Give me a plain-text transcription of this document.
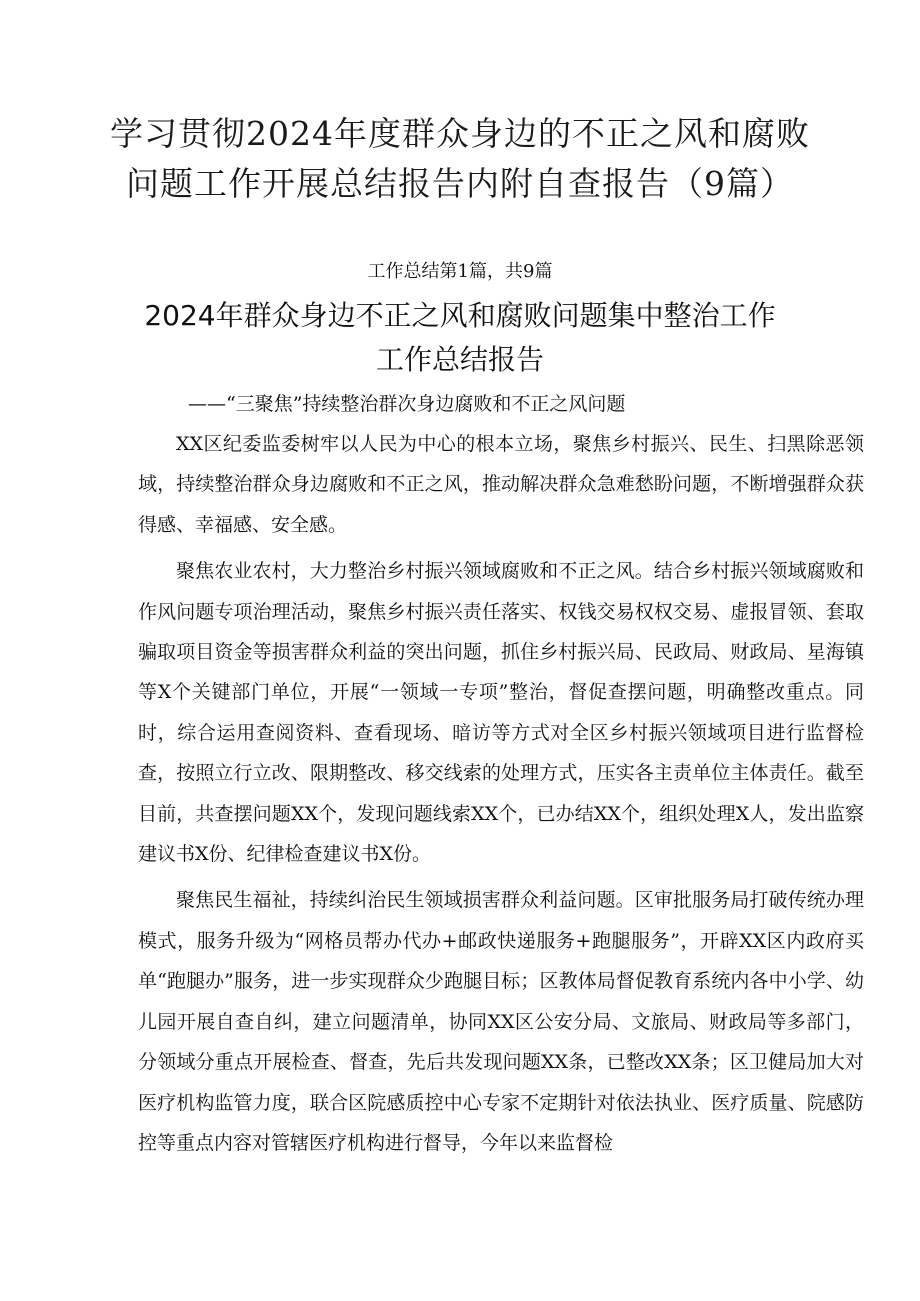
学习贯彻2024年度群众身边的不正之风和腐败
问题工作开展总结报告内附自查报告（9篇）
工作总结第1篇，共9篇
2024年群众身边不正之风和腐败问题集中整治工作
工作总结报告
——“三聚焦”持续整治群次身边腐败和不正之风问题

XX区纪委监委树牢以人民为中心的根本立场，聚焦乡村振兴、民生、扫黑除恶领域，持续整治群众身边腐败和不正之风，推动解决群众急难愁盼问题，不断增强群众获得感、幸福感、安全感。

聚焦农业农村，大力整治乡村振兴领域腐败和不正之风。结合乡村振兴领域腐败和作风问题专项治理活动，聚焦乡村振兴责任落实、权钱交易权权交易、虚报冒领、套取骗取项目资金等损害群众利益的突出问题，抓住乡村振兴局、民政局、财政局、星海镇等X个关键部门单位，开展“一领域一专项”整治，督促查摆问题，明确整改重点。同时，综合运用查阅资料、查看现场、暗访等方式对全区乡村振兴领域项目进行监督检查，按照立行立改、限期整改、移交线索的处理方式，压实各主责单位主体责任。截至目前，共查摆问题XX个，发现问题线索XX个，已办结XX个，组织处理X人，发出监察建议书X份、纪律检查建议书X份。

聚焦民生福祉，持续纠治民生领域损害群众利益问题。区审批服务局打破传统办理模式，服务升级为“网格员帮办代办+邮政快递服务+跑腿服务”，开辟XX区内政府买单“跑腿办”服务，进一步实现群众少跑腿目标；区教体局督促教育系统内各中小学、幼儿园开展自查自纠，建立问题清单，协同XX区公安分局、文旅局、财政局等多部门，分领域分重点开展检查、督查，先后共发现问题XX条，已整改XX条；区卫健局加大对医疗机构监管力度，联合区院感质控中心专家不定期针对依法执业、医疗质量、院感防控等重点内容对管辖医疗机构进行督导，今年以来监督检
